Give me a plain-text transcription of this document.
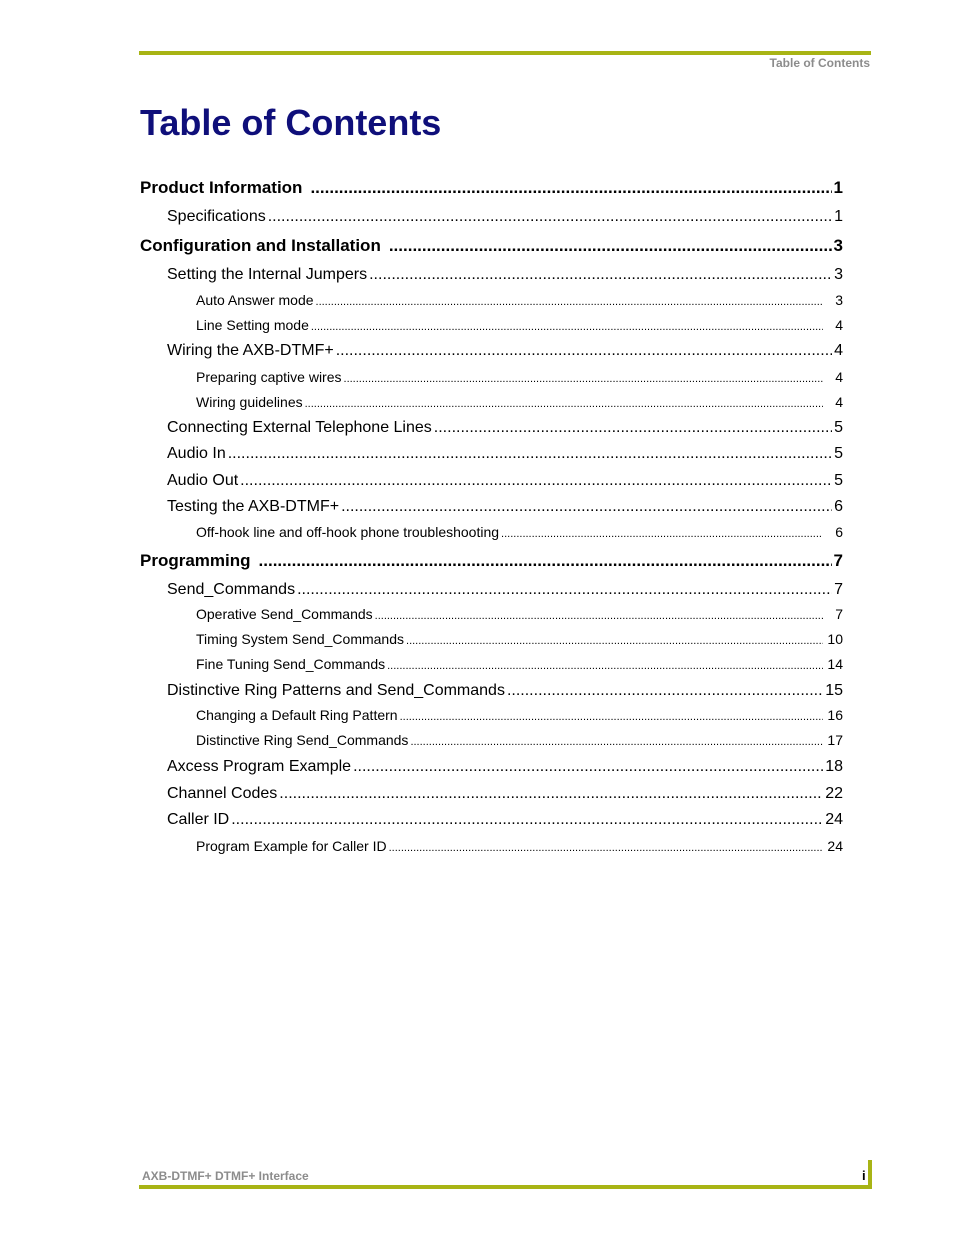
Table of Contents
Table of Contents
Product Information .....	1
Specifications .....	1
Configuration and Installation .....	3
Setting the Internal Jumpers .....	3
Auto Answer mode .....	3
Line Setting mode .....	4
Wiring the AXB-DTMF+ .....	4
Preparing captive wires .....	4
Wiring guidelines .....	4
Connecting External Telephone Lines .....	5
Audio In .....	5
Audio Out .....	5
Testing the AXB-DTMF+ .....	6
Off-hook line and off-hook phone troubleshooting .....	6
Programming .....	7
Send_Commands .....	7
Operative Send_Commands .....	7
Timing System Send_Commands .....	10
Fine Tuning Send_Commands .....	14
Distinctive Ring Patterns and Send_Commands .....	15
Changing a Default Ring Pattern .....	16
Distinctive Ring Send_Commands .....	17
Axcess Program Example .....	18
Channel Codes .....	22
Caller ID .....	24
Program Example for Caller ID .....	24
AXB-DTMF+ DTMF+ Interface	i
